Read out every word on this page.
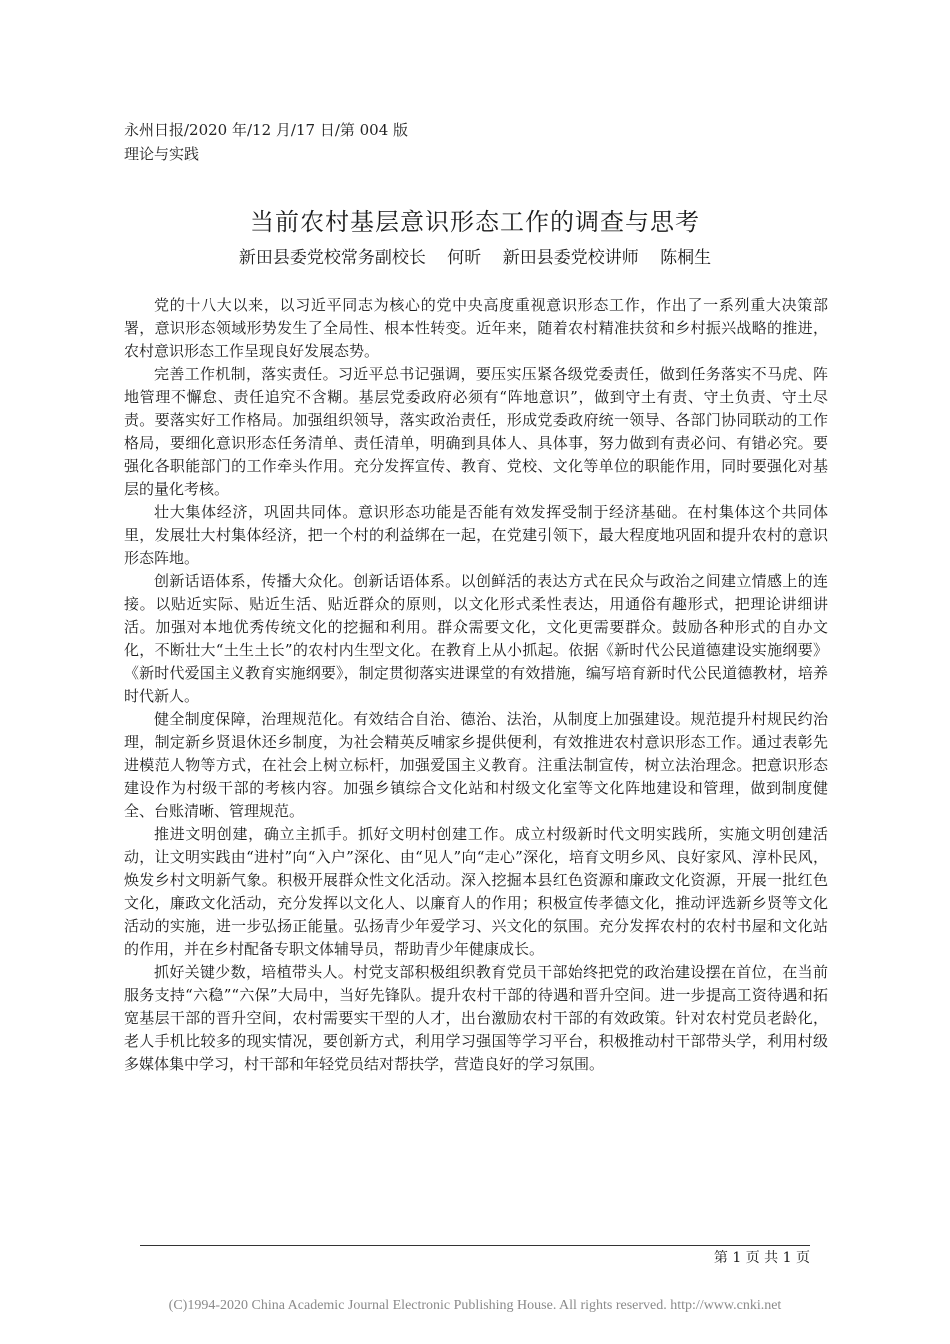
永州日报/2020 年/12 月/17 日/第 004 版
理论与实践
当前农村基层意识形态工作的调查与思考
新田县委党校常务副校长 何昕 新田县委党校讲师 陈桐生

党的十八大以来，以习近平同志为核心的党中央高度重视意识形态工作，作出了一系列重大决策部署，意识形态领域形势发生了全局性、根本性转变。近年来，随着农村精准扶贫和乡村振兴战略的推进，农村意识形态工作呈现良好发展态势。

完善工作机制，落实责任。习近平总书记强调，要压实压紧各级党委责任，做到任务落实不马虎、阵地管理不懈怠、责任追究不含糊。基层党委政府必须有“阵地意识”，做到守土有责、守土负责、守土尽责。要落实好工作格局。加强组织领导，落实政治责任，形成党委政府统一领导、各部门协同联动的工作格局，要细化意识形态任务清单、责任清单，明确到具体人、具体事，努力做到有责必问、有错必究。要强化各职能部门的工作牵头作用。充分发挥宣传、教育、党校、文化等单位的职能作用，同时要强化对基层的量化考核。

壮大集体经济，巩固共同体。意识形态功能是否能有效发挥受制于经济基础。在村集体这个共同体里，发展壮大村集体经济，把一个村的利益绑在一起，在党建引领下，最大程度地巩固和提升农村的意识形态阵地。

创新话语体系，传播大众化。创新话语体系。以创鲜活的表达方式在民众与政治之间建立情感上的连接。以贴近实际、贴近生活、贴近群众的原则，以文化形式柔性表达，用通俗有趣形式，把理论讲细讲活。加强对本地优秀传统文化的挖掘和利用。群众需要文化，文化更需要群众。鼓励各种形式的自办文化，不断壮大“土生土长”的农村内生型文化。在教育上从小抓起。依据《新时代公民道德建设实施纲要》《新时代爱国主义教育实施纲要》，制定贯彻落实进课堂的有效措施，编写培育新时代公民道德教材，培养时代新人。

健全制度保障，治理规范化。有效结合自治、德治、法治，从制度上加强建设。规范提升村规民约治理，制定新乡贤退休还乡制度，为社会精英反哺家乡提供便利，有效推进农村意识形态工作。通过表彰先进模范人物等方式，在社会上树立标杆，加强爱国主义教育。注重法制宣传，树立法治理念。把意识形态建设作为村级干部的考核内容。加强乡镇综合文化站和村级文化室等文化阵地建设和管理，做到制度健全、台账清晰、管理规范。

推进文明创建，确立主抓手。抓好文明村创建工作。成立村级新时代文明实践所，实施文明创建活动，让文明实践由“进村”向“入户”深化、由“见人”向“走心”深化，培育文明乡风、良好家风、淳朴民风，焕发乡村文明新气象。积极开展群众性文化活动。深入挖掘本县红色资源和廉政文化资源，开展一批红色文化，廉政文化活动，充分发挥以文化人、以廉育人的作用；积极宣传孝德文化，推动评选新乡贤等文化活动的实施，进一步弘扬正能量。弘扬青少年爱学习、兴文化的氛围。充分发挥农村的农村书屋和文化站的作用，并在乡村配备专职文体辅导员，帮助青少年健康成长。

抓好关键少数，培植带头人。村党支部积极组织教育党员干部始终把党的政治建设摆在首位，在当前服务支持“六稳”“六保”大局中，当好先锋队。提升农村干部的待遇和晋升空间。进一步提高工资待遇和拓宽基层干部的晋升空间，农村需要实干型的人才，出台激励农村干部的有效政策。针对农村党员老龄化，老人手机比较多的现实情况，要创新方式，利用学习强国等学习平台，积极推动村干部带头学，利用村级多媒体集中学习，村干部和年轻党员结对帮扶学，营造良好的学习氛围。

第 1 页 共 1 页
(C)1994-2020 China Academic Journal Electronic Publishing House. All rights reserved. http://www.cnki.net
